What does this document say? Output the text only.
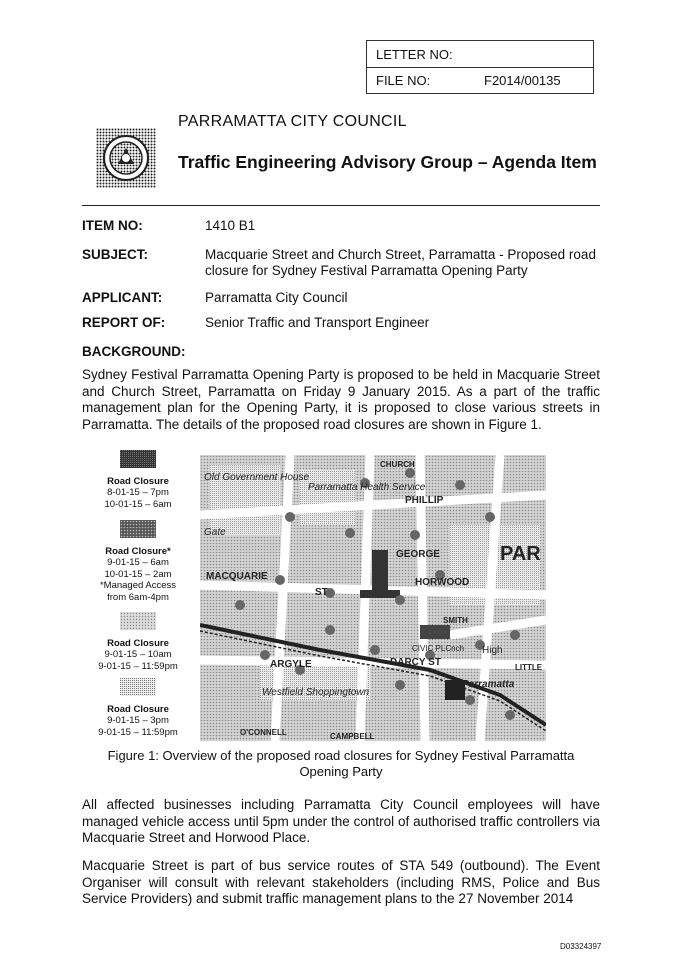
LETTER NO:
FILE NO:	F2014/00135
PARRAMATTA CITY COUNCIL
Traffic Engineering Advisory Group – Agenda Item
ITEM NO:	1410 B1
SUBJECT:	Macquarie Street and Church Street, Parramatta - Proposed road closure for Sydney Festival Parramatta Opening Party
APPLICANT:	Parramatta City Council
REPORT OF:	Senior Traffic and Transport Engineer
BACKGROUND:
Sydney Festival Parramatta Opening Party is proposed to be held in Macquarie Street and Church Street, Parramatta on Friday 9 January 2015. As a part of the traffic management plan for the Opening Party, it is proposed to close various streets in Parramatta. The details of the proposed road closures are shown in Figure 1.
Road Closure
8-01-15 – 7pm
10-01-15 – 6am
Road Closure*
9-01-15 – 6am
10-01-15 – 2am
*Managed Access
from 6am-4pm
Road Closure
9-01-15 – 10am
9-01-15 – 11:59pm
Road Closure
9-01-15 – 3pm
9-01-15 – 11:59pm
Old Government House
Gate
Parramatta Health Service
MACQUARIE
ST
PHILLIP
GEORGE
HORWOOD
ARGYLE	DARCY ST
Parramatta
Westfield Shoppingtown
CIVIC PLCnch High
PAR
O'CONNELL
SMITH
CHURCH
CAMPBELL
LITTLE
Figure 1: Overview of the proposed road closures for Sydney Festival Parramatta Opening Party
All affected businesses including Parramatta City Council employees will have managed vehicle access until 5pm under the control of authorised traffic controllers via Macquarie Street and Horwood Place.
Macquarie Street is part of bus service routes of STA 549 (outbound). The Event Organiser will consult with relevant stakeholders (including RMS, Police and Bus Service Providers) and submit traffic management plans to the 27 November 2014
D03324397
